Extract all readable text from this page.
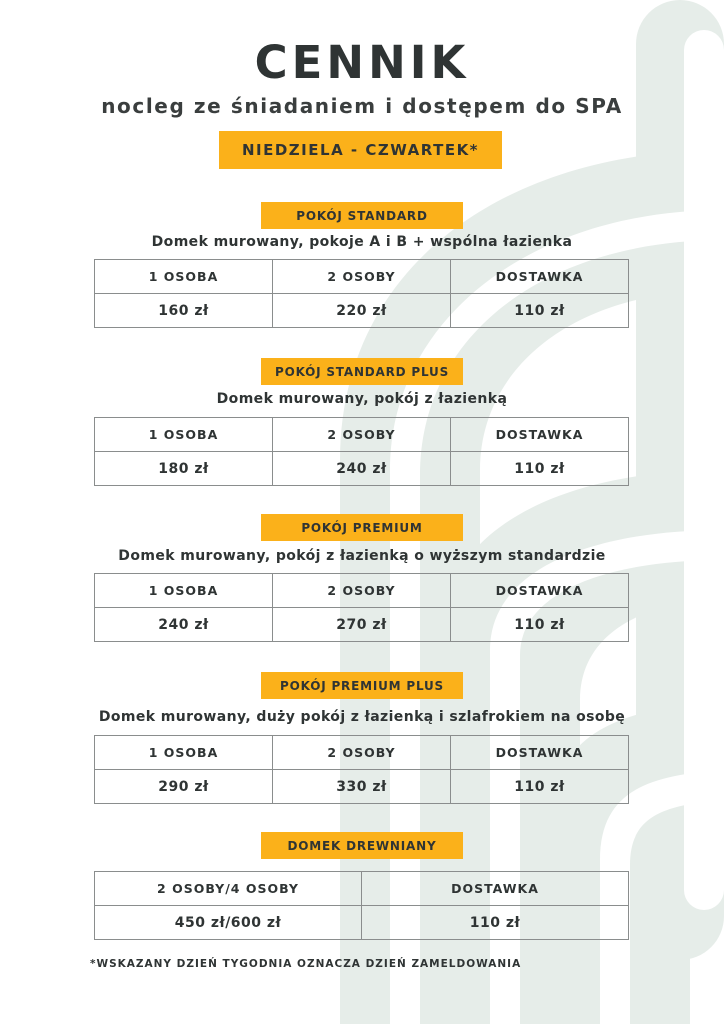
CENNIK
nocleg ze śniadaniem i dostępem do SPA
NIEDZIELA - CZWARTEK*
POKÓJ STANDARD
Domek murowany, pokoje A i B + wspólna łazienka
1 OSOBA	2 OSOBY	DOSTAWKA
160 zł	220 zł	110 zł
POKÓJ STANDARD PLUS
Domek murowany, pokój z łazienką
1 OSOBA	2 OSOBY	DOSTAWKA
180 zł	240 zł	110 zł
POKÓJ PREMIUM
Domek murowany, pokój z łazienką o wyższym standardzie
1 OSOBA	2 OSOBY	DOSTAWKA
240 zł	270 zł	110 zł
POKÓJ PREMIUM PLUS
Domek murowany, duży pokój z łazienką i szlafrokiem na osobę
1 OSOBA	2 OSOBY	DOSTAWKA
290 zł	330 zł	110 zł
DOMEK DREWNIANY
2 OSOBY/4 OSOBY	DOSTAWKA
450 zł/600 zł	110 zł
*WSKAZANY DZIEŃ TYGODNIA OZNACZA DZIEŃ ZAMELDOWANIA
